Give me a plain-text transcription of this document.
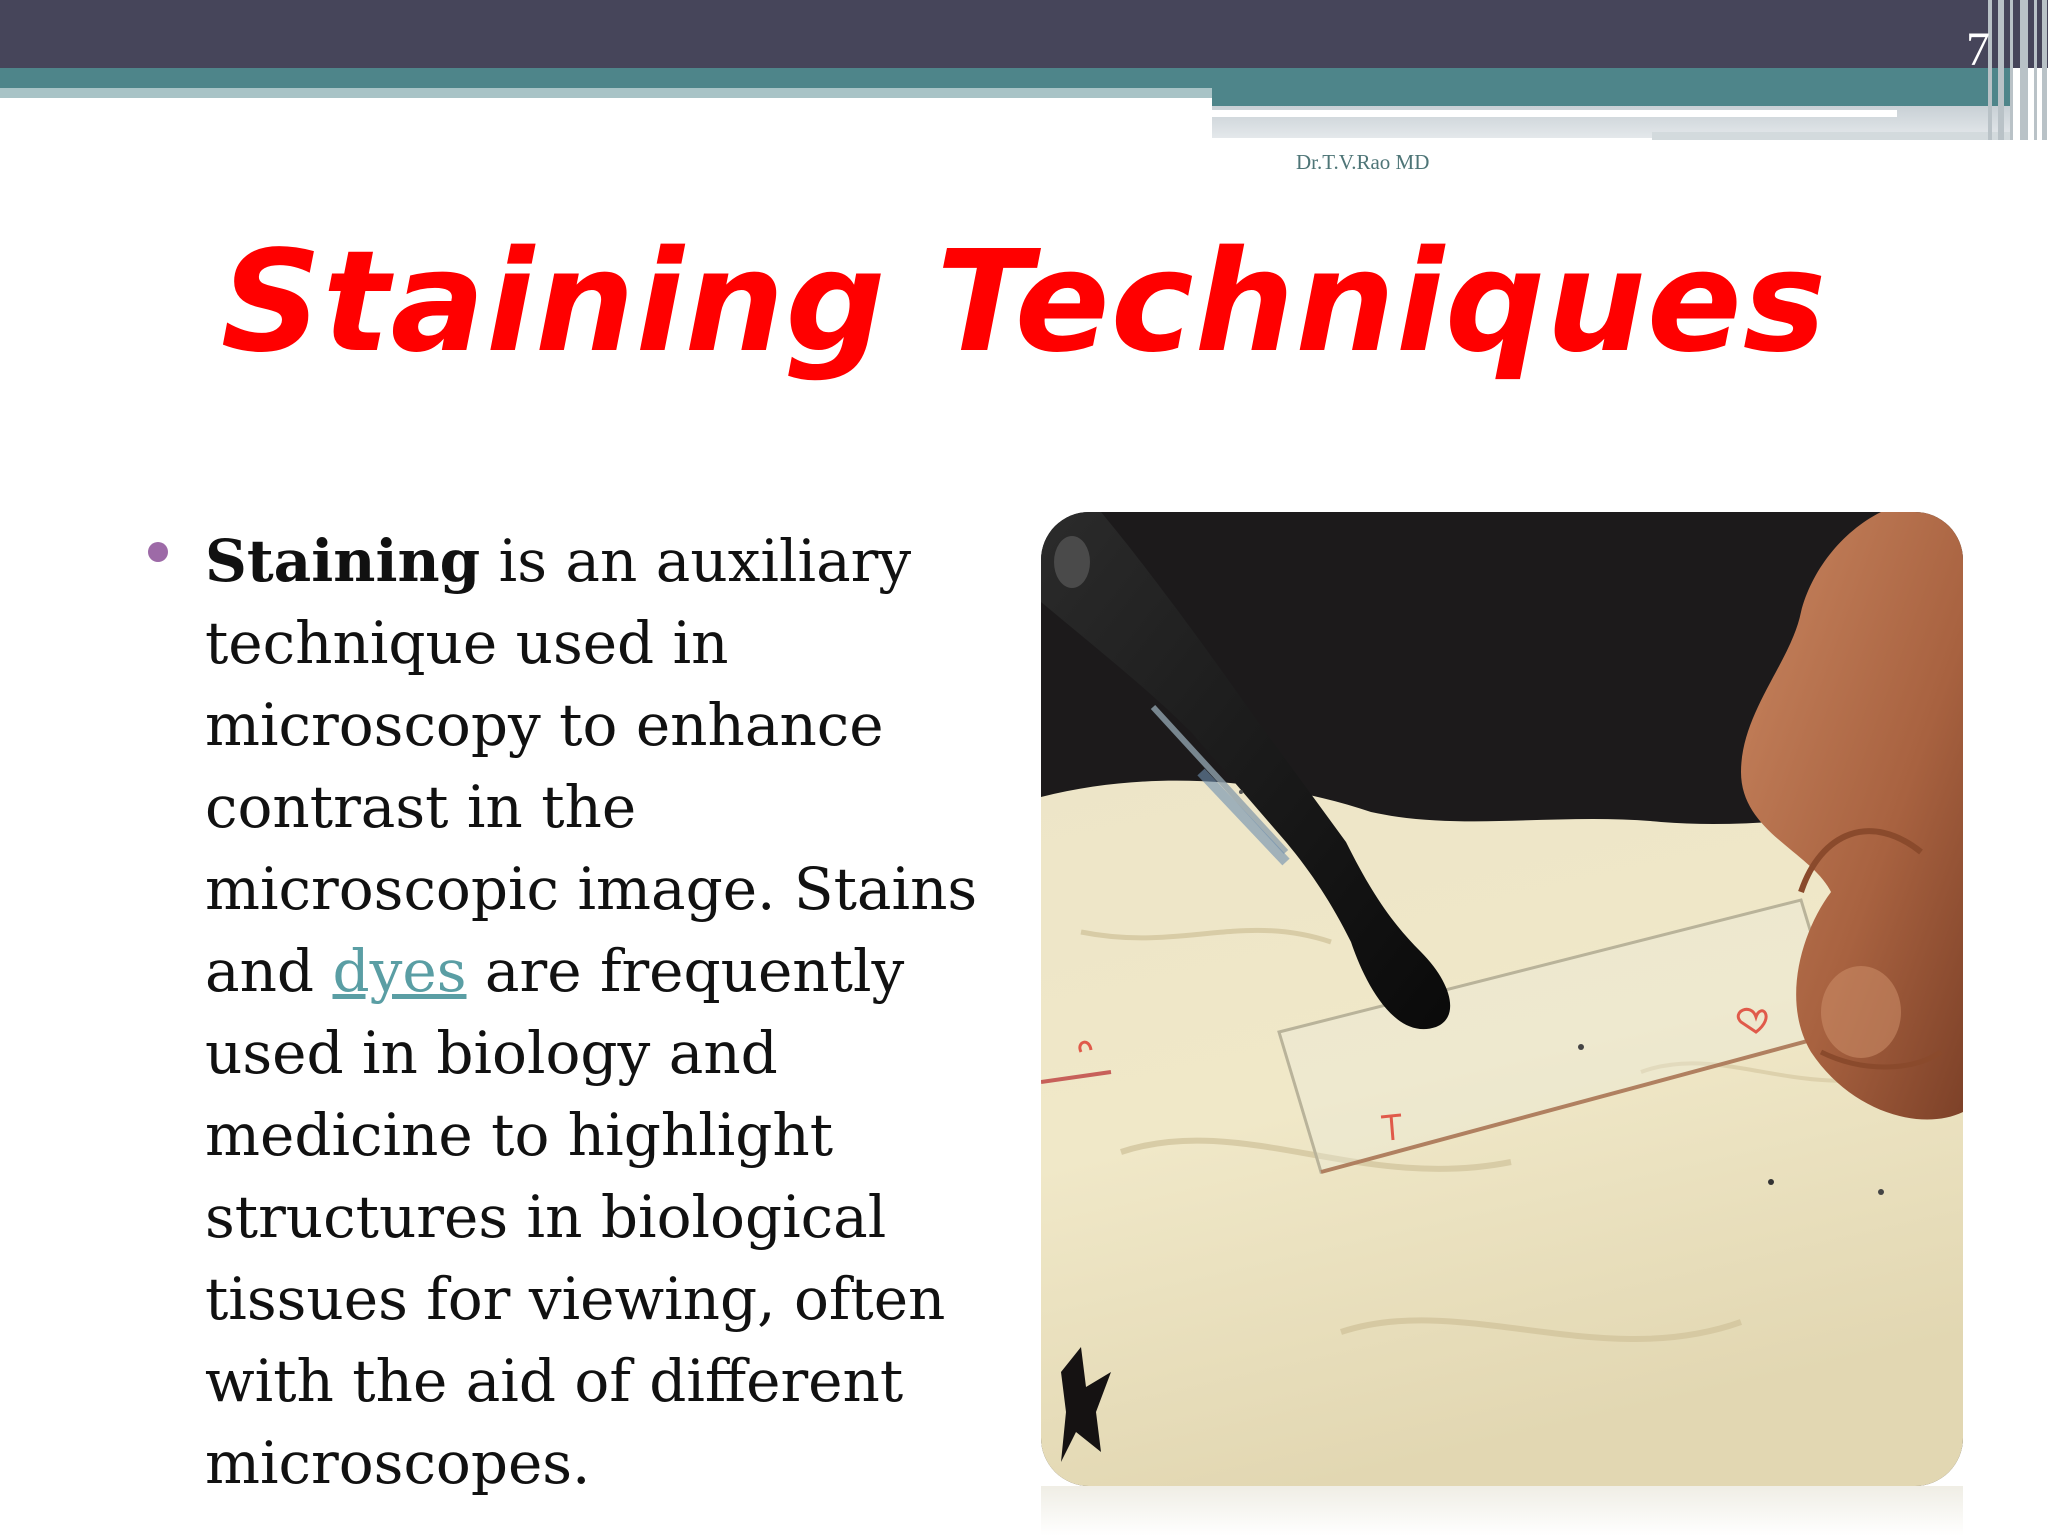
7
Dr.T.V.Rao MD
Staining Techniques
Staining is an auxiliary technique used in microscopy to enhance contrast in the microscopic image. Stains and dyes are frequently used in biology and medicine to highlight structures in biological tissues for viewing, often with the aid of different microscopes.
